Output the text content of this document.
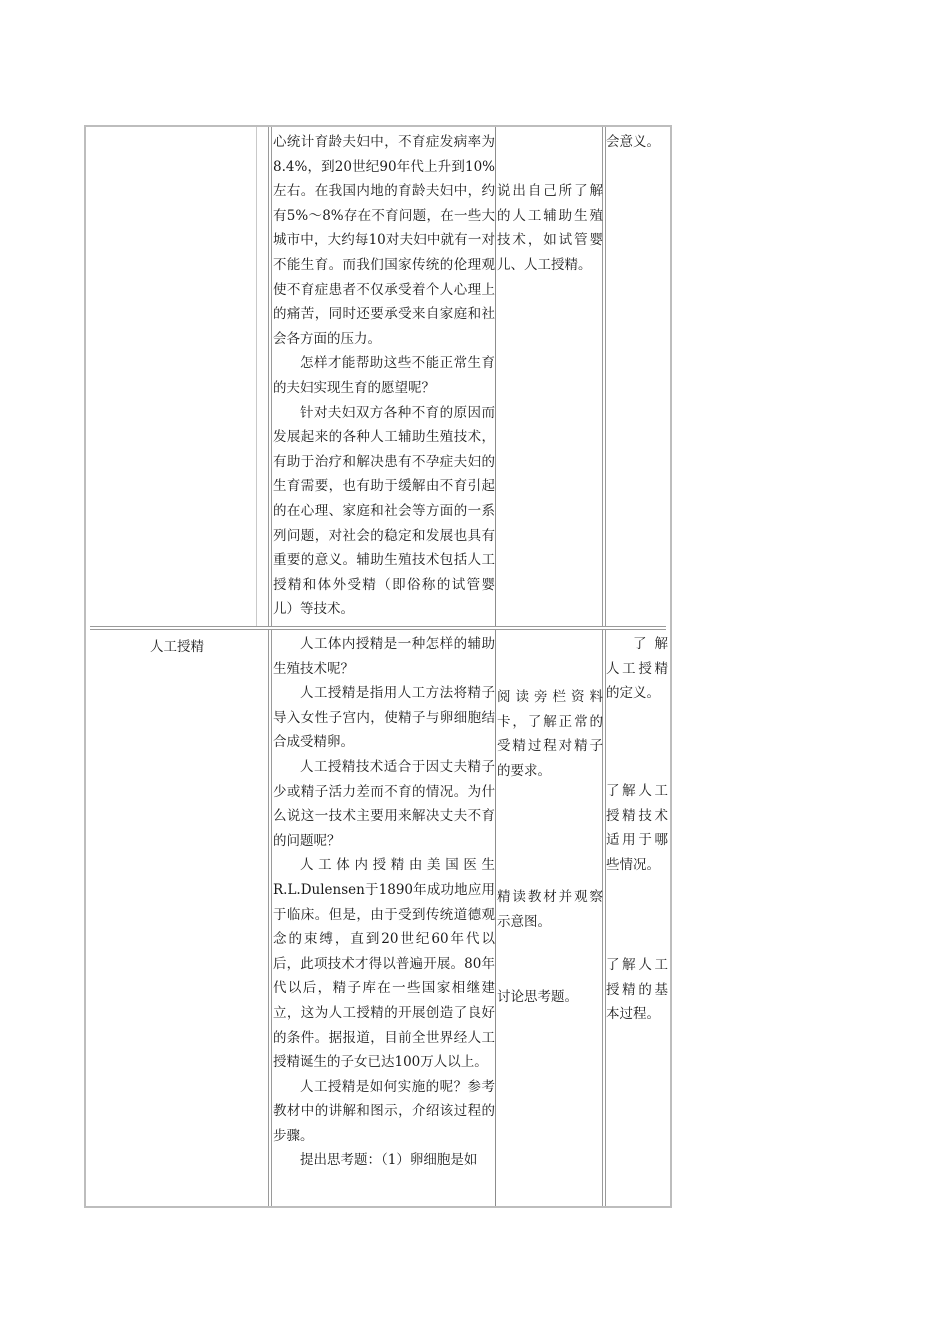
心统计育龄夫妇中，不育症发病率为8.4%，到20世纪90年代上升到10%左右。在我国内地的育龄夫妇中，约有5%～8%存在不育问题，在一些大城市中，大约每10对夫妇中就有一对不能生育。而我们国家传统的伦理观使不育症患者不仅承受着个人心理上的痛苦，同时还要承受来自家庭和社会各方面的压力。

怎样才能帮助这些不能正常生育的夫妇实现生育的愿望呢？

针对夫妇双方各种不育的原因而发展起来的各种人工辅助生殖技术，有助于治疗和解决患有不孕症夫妇的生育需要，也有助于缓解由不育引起的在心理、家庭和社会等方面的一系列问题，对社会的稳定和发展也具有重要的意义。辅助生殖技术包括人工授精和体外受精（即俗称的试管婴儿）等技术。

说出自己所了解的人工辅助生殖技术，如试管婴儿、人工授精。

会意义。

人工授精	人工体内授精是一种怎样的辅助生殖技术呢？

人工授精是指用人工方法将精子导入女性子宫内，使精子与卵细胞结合成受精卵。

人工授精技术适合于因丈夫精子少或精子活力差而不育的情况。为什么说这一技术主要用来解决丈夫不育的问题呢？

人工体内授精由美国医生R.L.Dulensen于1890年成功地应用于临床。但是，由于受到传统道德观念的束缚，直到20世纪60年代以后，此项技术才得以普遍开展。80年代以后，精子库在一些国家相继建立，这为人工授精的开展创造了良好的条件。据报道，目前全世界经人工授精诞生的子女已达100万人以上。

人工授精是如何实施的呢？参考教材中的讲解和图示，介绍该过程的步骤。

提出思考题：（1）卵细胞是如

阅读旁栏资料卡，了解正常的受精过程对精子的要求。

精读教材并观察示意图。

讨论思考题。

了解人工授精的定义。

了解人工授精技术适用于哪些情况。

了解人工授精的基本过程。
